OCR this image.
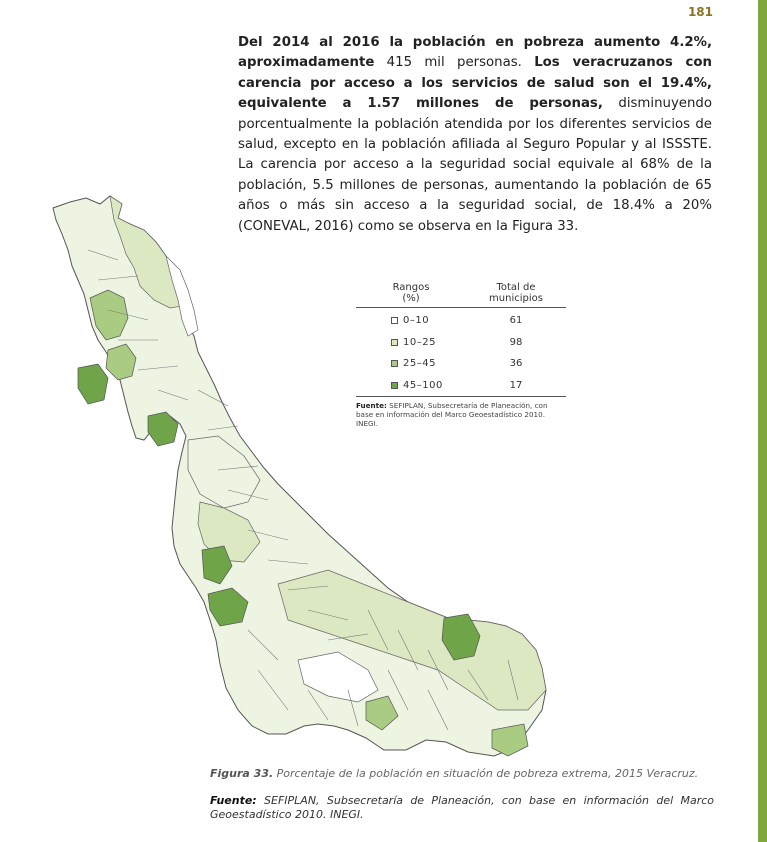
181

Del 2014 al 2016 la población en pobreza aumento 4.2%, aproximadamente 415 mil personas. Los veracruzanos con carencia por acceso a los servicios de salud son el 19.4%, equivalente a 1.57 millones de personas, disminuyendo porcentualmente la población atendida por los diferentes servicios de salud, excepto en la población afiliada al Seguro Popular y al ISSSTE. La carencia por acceso a la seguridad social equivale al 68% de la población, 5.5 millones de personas, aumentando la población de 65 años o más sin acceso a la seguridad social, de 18.4% a 20% (CONEVAL, 2016) como se observa en la Figura 33.

Rangos
(%)
Total de
municipios
0–10	61
10–25	98
25–45	36
45–100	17
Fuente: SEFIPLAN, Subsecretaría de Planeación, con base en información del Marco Geoestadístico 2010. INEGI.
Figura 33. Porcentaje de la población en situación de pobreza extrema, 2015 Veracruz.
Fuente: SEFIPLAN, Subsecretaría de Planeación, con base en información del Marco Geoestadístico 2010. INEGI.
